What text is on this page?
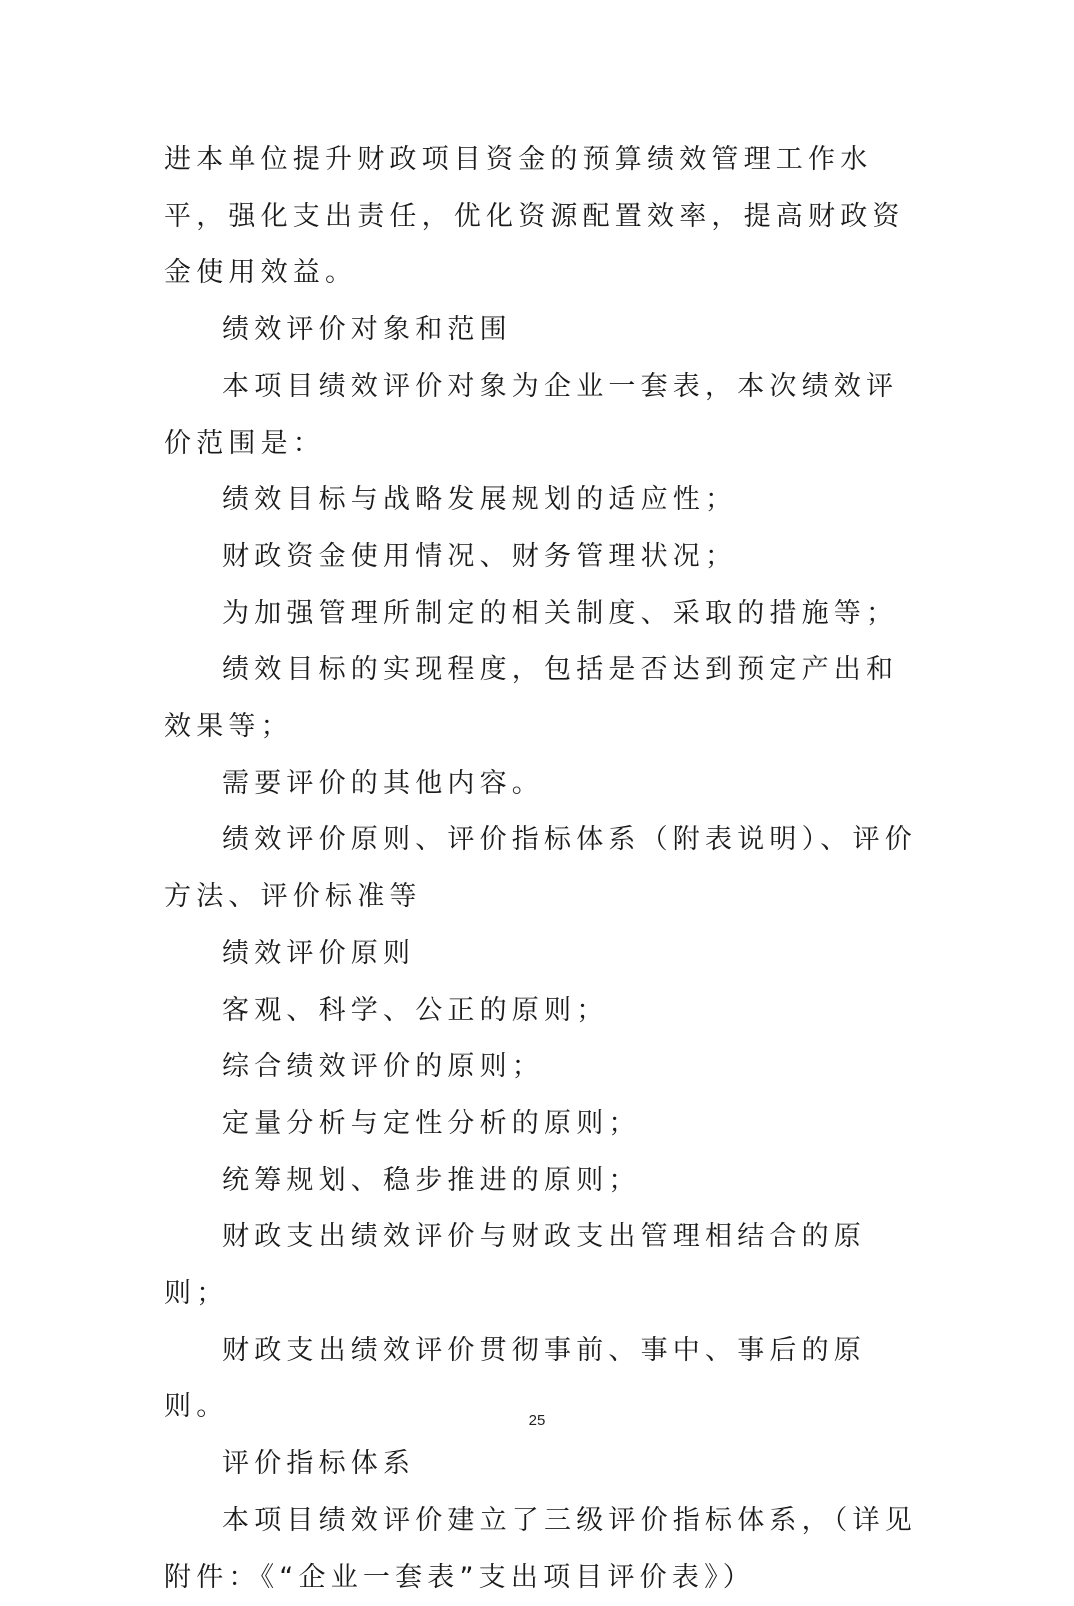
进本单位提升财政项目资金的预算绩效管理工作水平，强化支出责任，优化资源配置效率，提高财政资金使用效益。

绩效评价对象和范围

本项目绩效评价对象为企业一套表，本次绩效评价范围是：

绩效目标与战略发展规划的适应性；

财政资金使用情况、财务管理状况；

为加强管理所制定的相关制度、采取的措施等；

绩效目标的实现程度，包括是否达到预定产出和效果等；

需要评价的其他内容。

绩效评价原则、评价指标体系（附表说明）、评价方法、评价标准等

绩效评价原则

客观、科学、公正的原则；

综合绩效评价的原则；

定量分析与定性分析的原则；

统筹规划、稳步推进的原则；

财政支出绩效评价与财政支出管理相结合的原则；

财政支出绩效评价贯彻事前、事中、事后的原则。

评价指标体系

本项目绩效评价建立了三级评价指标体系，（详见附件：《“企业一套表”支出项目评价表》）

25
